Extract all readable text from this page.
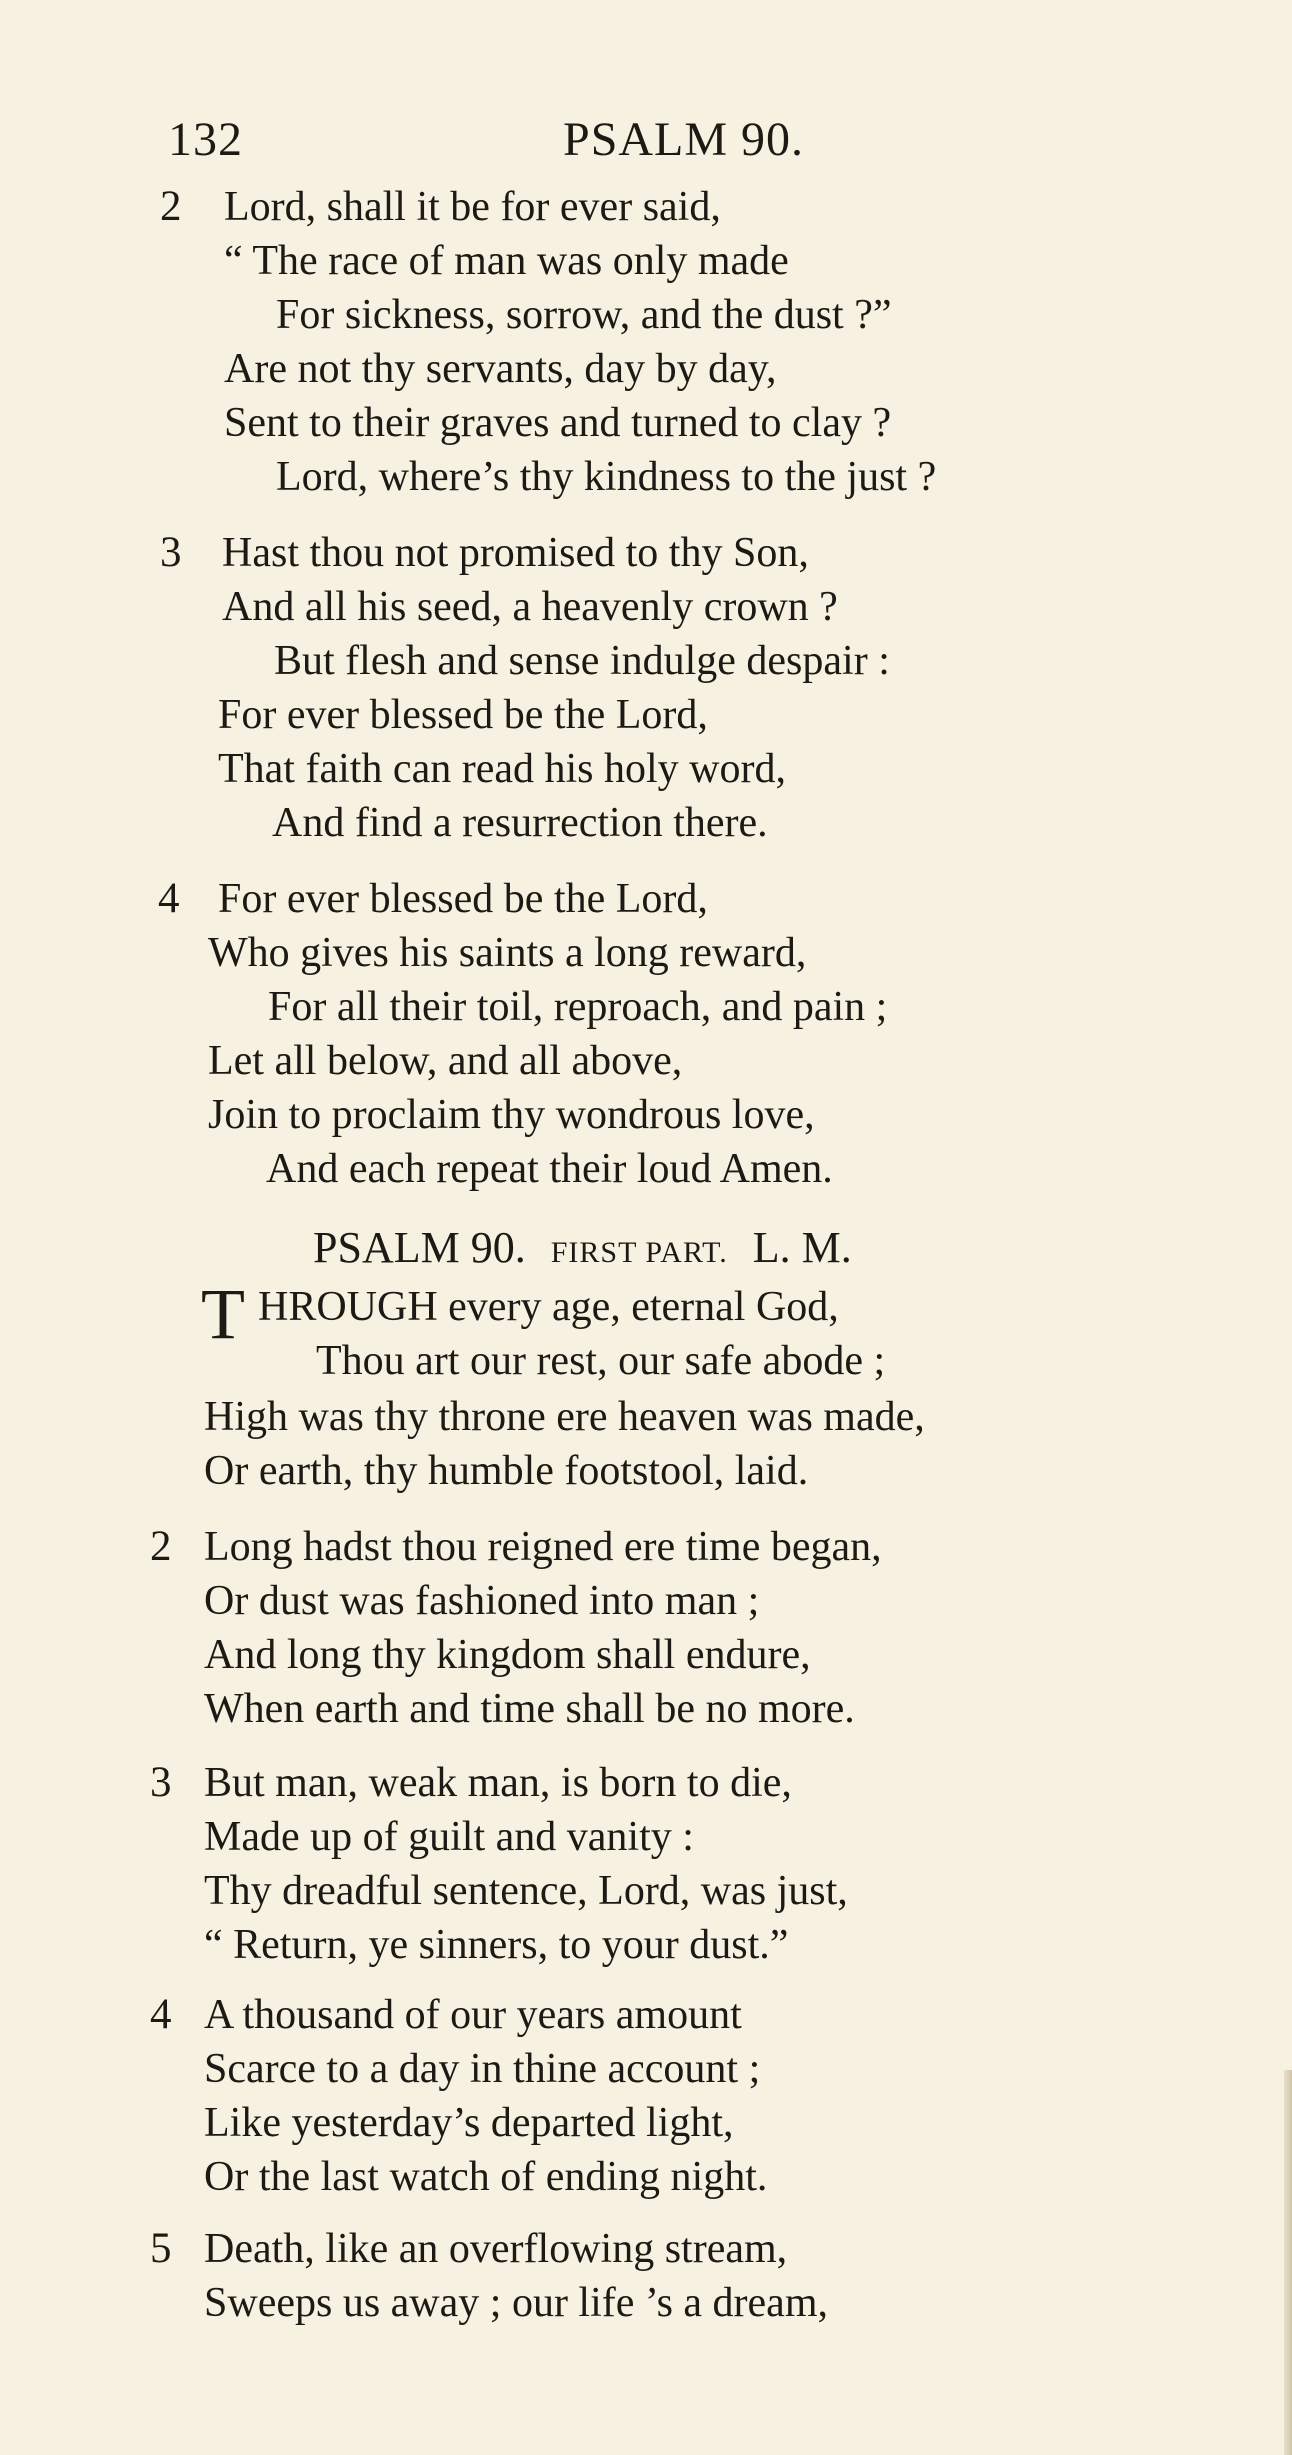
132	PSALM 90.
2 Lord, shall it be for ever said,
“ The race of man was only made
For sickness, sorrow, and the dust ?”
Are not thy servants, day by day,
Sent to their graves and turned to clay ?
Lord, where’s thy kindness to the just ?
3 Hast thou not promised to thy Son,
And all his seed, a heavenly crown ?
But flesh and sense indulge despair :
For ever blessed be the Lord,
That faith can read his holy word,
And find a resurrection there.
4 For ever blessed be the Lord,
Who gives his saints a long reward,
For all their toil, reproach, and pain ;
Let all below, and all above,
Join to proclaim thy wondrous love,
And each repeat their loud Amen.
PSALM 90. FIRST PART. L. M.
T HROUGH every age, eternal God,
Thou art our rest, our safe abode ;
High was thy throne ere heaven was made,
Or earth, thy humble footstool, laid.
2 Long hadst thou reigned ere time began,
Or dust was fashioned into man ;
And long thy kingdom shall endure,
When earth and time shall be no more.
3 But man, weak man, is born to die,
Made up of guilt and vanity :
Thy dreadful sentence, Lord, was just,
“ Return, ye sinners, to your dust.”
4 A thousand of our years amount
Scarce to a day in thine account ;
Like yesterday’s departed light,
Or the last watch of ending night.
5 Death, like an overflowing stream,
Sweeps us away ; our life ’s a dream,
